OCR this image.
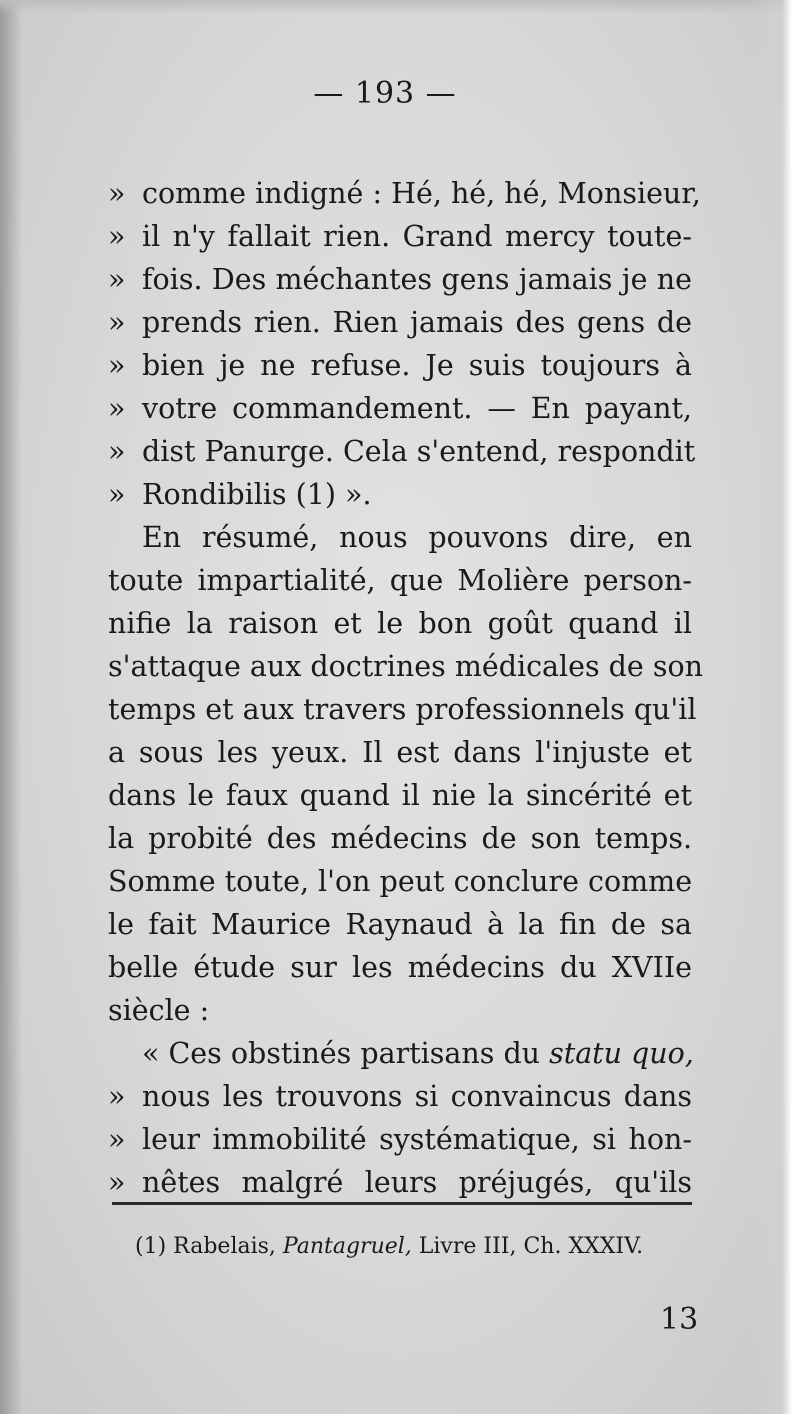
— 193 —
» comme indigné : Hé, hé, hé, Monsieur,
» il n'y fallait rien. Grand mercy toute-
» fois. Des méchantes gens jamais je ne
» prends rien. Rien jamais des gens de
» bien je ne refuse. Je suis toujours à
» votre commandement. — En payant,
» dist Panurge. Cela s'entend, respondit
» Rondibilis (1) ».
En résumé, nous pouvons dire, en
toute impartialité, que Molière person-
nifie la raison et le bon goût quand il
s'attaque aux doctrines médicales de son
temps et aux travers professionnels qu'il
a sous les yeux. Il est dans l'injuste et
dans le faux quand il nie la sincérité et
la probité des médecins de son temps.
Somme toute, l'on peut conclure comme
le fait Maurice Raynaud à la fin de sa
belle étude sur les médecins du XVIIe
siècle :
« Ces obstinés partisans du statu quo,
» nous les trouvons si convaincus dans
» leur immobilité systématique, si hon-
» nêtes malgré leurs préjugés, qu'ils
(1) Rabelais, Pantagruel, Livre III, Ch. XXXIV.
13
